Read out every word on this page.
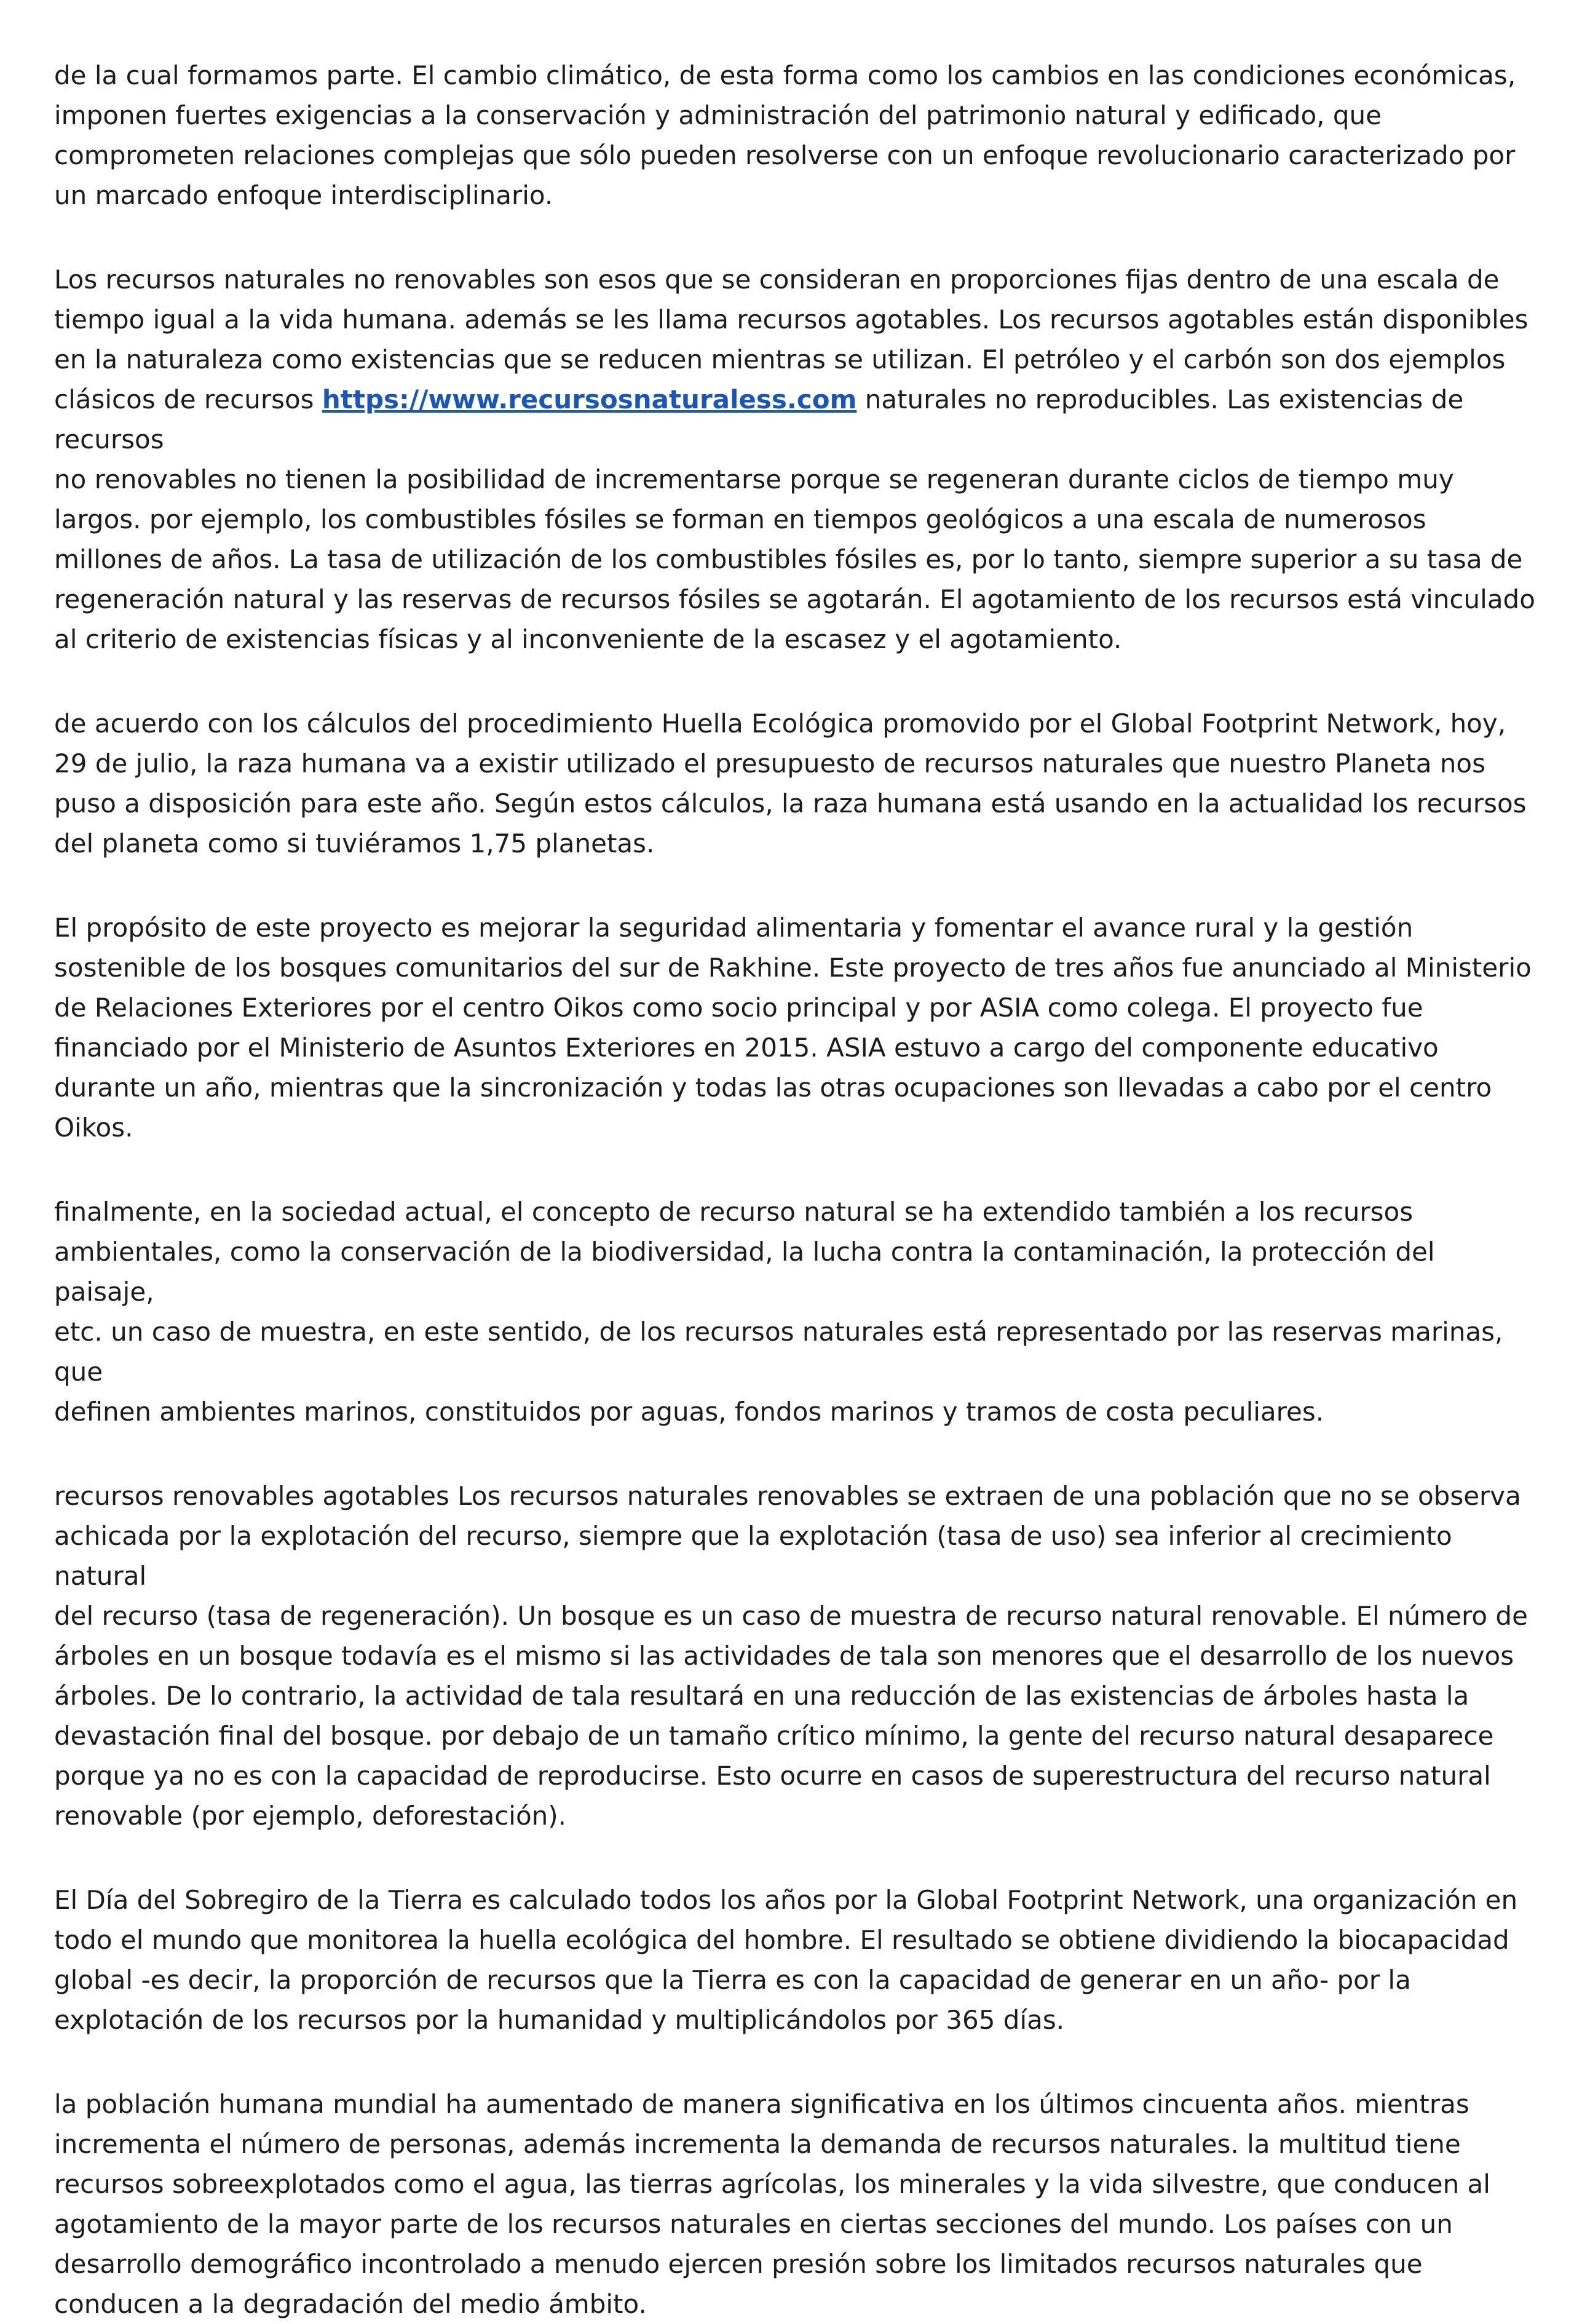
de la cual formamos parte. El cambio climático, de esta forma como los cambios en las condiciones económicas,
imponen fuertes exigencias a la conservación y administración del patrimonio natural y edificado, que
comprometen relaciones complejas que sólo pueden resolverse con un enfoque revolucionario caracterizado por
un marcado enfoque interdisciplinario.

Los recursos naturales no renovables son esos que se consideran en proporciones fijas dentro de una escala de
tiempo igual a la vida humana. además se les llama recursos agotables. Los recursos agotables están disponibles
en la naturaleza como existencias que se reducen mientras se utilizan. El petróleo y el carbón son dos ejemplos
clásicos de recursos https://www.recursosnaturaless.com naturales no reproducibles. Las existencias de recursos
no renovables no tienen la posibilidad de incrementarse porque se regeneran durante ciclos de tiempo muy
largos. por ejemplo, los combustibles fósiles se forman en tiempos geológicos a una escala de numerosos
millones de años. La tasa de utilización de los combustibles fósiles es, por lo tanto, siempre superior a su tasa de
regeneración natural y las reservas de recursos fósiles se agotarán. El agotamiento de los recursos está vinculado
al criterio de existencias físicas y al inconveniente de la escasez y el agotamiento.

de acuerdo con los cálculos del procedimiento Huella Ecológica promovido por el Global Footprint Network, hoy,
29 de julio, la raza humana va a existir utilizado el presupuesto de recursos naturales que nuestro Planeta nos
puso a disposición para este año. Según estos cálculos, la raza humana está usando en la actualidad los recursos
del planeta como si tuviéramos 1,75 planetas.

El propósito de este proyecto es mejorar la seguridad alimentaria y fomentar el avance rural y la gestión
sostenible de los bosques comunitarios del sur de Rakhine. Este proyecto de tres años fue anunciado al Ministerio
de Relaciones Exteriores por el centro Oikos como socio principal y por ASIA como colega. El proyecto fue
financiado por el Ministerio de Asuntos Exteriores en 2015. ASIA estuvo a cargo del componente educativo
durante un año, mientras que la sincronización y todas las otras ocupaciones son llevadas a cabo por el centro
Oikos.

finalmente, en la sociedad actual, el concepto de recurso natural se ha extendido también a los recursos
ambientales, como la conservación de la biodiversidad, la lucha contra la contaminación, la protección del paisaje,
etc. un caso de muestra, en este sentido, de los recursos naturales está representado por las reservas marinas, que
definen ambientes marinos, constituidos por aguas, fondos marinos y tramos de costa peculiares.

recursos renovables agotables Los recursos naturales renovables se extraen de una población que no se observa
achicada por la explotación del recurso, siempre que la explotación (tasa de uso) sea inferior al crecimiento natural
del recurso (tasa de regeneración). Un bosque es un caso de muestra de recurso natural renovable. El número de
árboles en un bosque todavía es el mismo si las actividades de tala son menores que el desarrollo de los nuevos
árboles. De lo contrario, la actividad de tala resultará en una reducción de las existencias de árboles hasta la
devastación final del bosque. por debajo de un tamaño crítico mínimo, la gente del recurso natural desaparece
porque ya no es con la capacidad de reproducirse. Esto ocurre en casos de superestructura del recurso natural
renovable (por ejemplo, deforestación).

El Día del Sobregiro de la Tierra es calculado todos los años por la Global Footprint Network, una organización en
todo el mundo que monitorea la huella ecológica del hombre. El resultado se obtiene dividiendo la biocapacidad
global -es decir, la proporción de recursos que la Tierra es con la capacidad de generar en un año- por la
explotación de los recursos por la humanidad y multiplicándolos por 365 días.

la población humana mundial ha aumentado de manera significativa en los últimos cincuenta años. mientras
incrementa el número de personas, además incrementa la demanda de recursos naturales. la multitud tiene
recursos sobreexplotados como el agua, las tierras agrícolas, los minerales y la vida silvestre, que conducen al
agotamiento de la mayor parte de los recursos naturales en ciertas secciones del mundo. Los países con un
desarrollo demográfico incontrolado a menudo ejercen presión sobre los limitados recursos naturales que
conducen a la degradación del medio ámbito.
